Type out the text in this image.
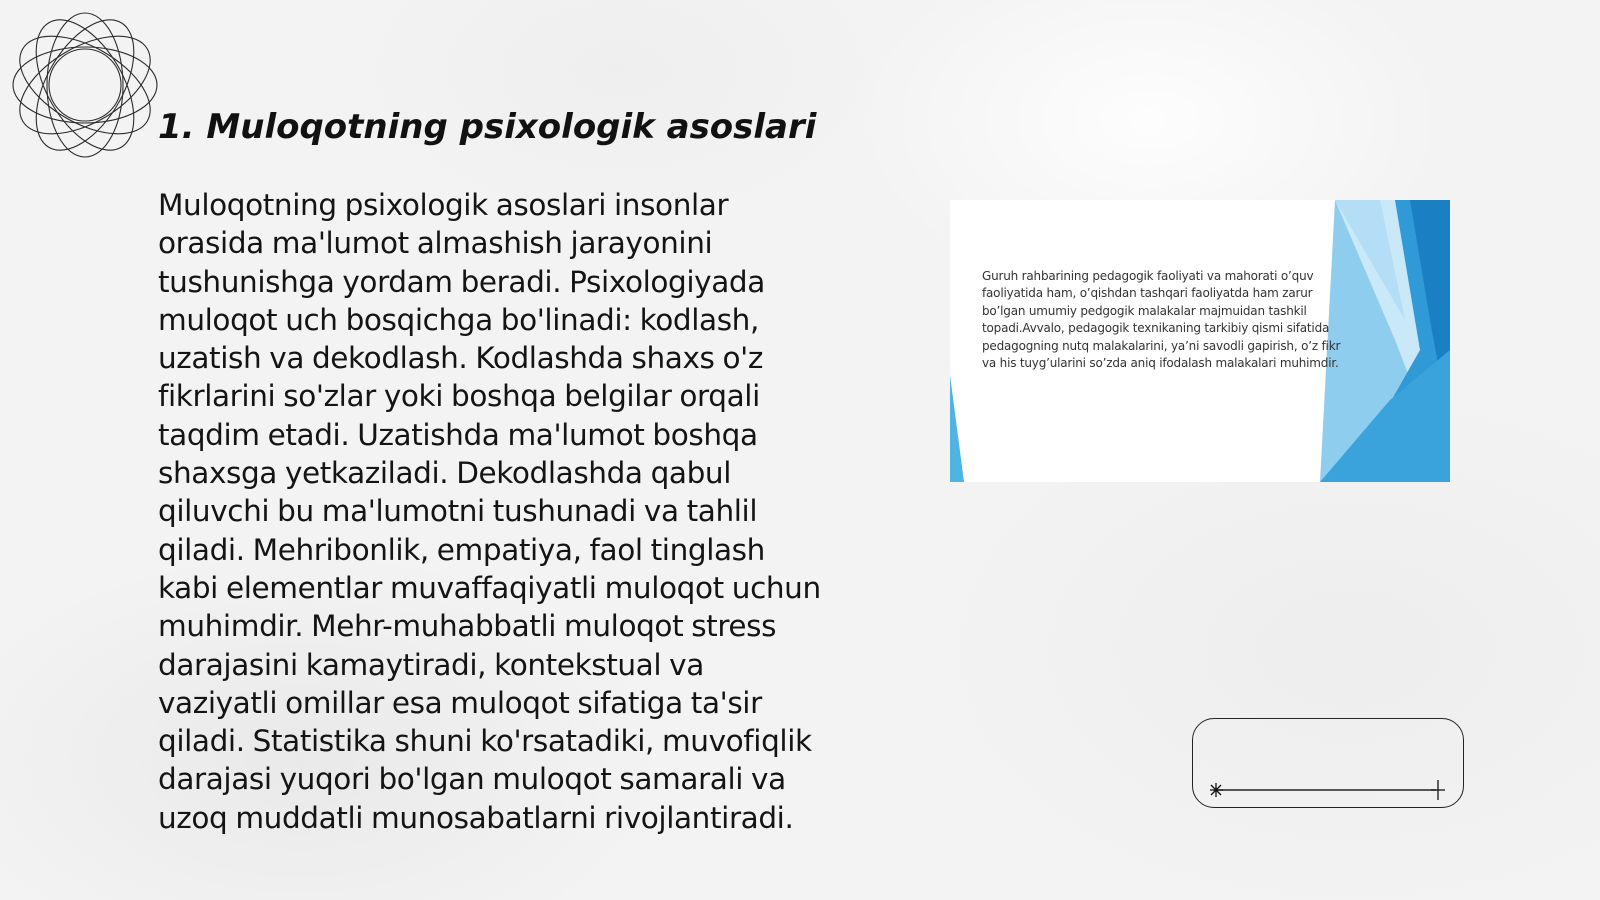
1. Muloqotning psixologik asoslari

Muloqotning psixologik asoslari insonlar orasida ma'lumot almashish jarayonini tushunishga yordam beradi. Psixologiyada muloqot uch bosqichga bo'linadi: kodlash, uzatish va dekodlash. Kodlashda shaxs o'z fikrlarini so'zlar yoki boshqa belgilar orqali taqdim etadi. Uzatishda ma'lumot boshqa shaxsga yetkaziladi. Dekodlashda qabul qiluvchi bu ma'lumotni tushunadi va tahlil qiladi. Mehribonlik, empatiya, faol tinglash kabi elementlar muvaffaqiyatli muloqot uchun muhimdir. Mehr-muhabbatli muloqot stress darajasini kamaytiradi, kontekstual va vaziyatli omillar esa muloqot sifatiga ta'sir qiladi. Statistika shuni ko'rsatadiki, muvofiqlik darajasi yuqori bo'lgan muloqot samarali va uzoq muddatli munosabatlarni rivojlantiradi.

Guruh rahbarining pedagogik faoliyati va mahorati o’quv faoliyatida ham, o’qishdan tashqari faoliyatda ham zarur bo’lgan umumiy pedgogik malakalar majmuidan tashkil topadi.Avvalo, pedagogik texnikaning tarkibiy qismi sifatida pedagogning nutq malakalarini, ya’ni savodli gapirish, o’z fikr va his tuyg’ularini so’zda aniq ifodalash malakalari muhimdir.
